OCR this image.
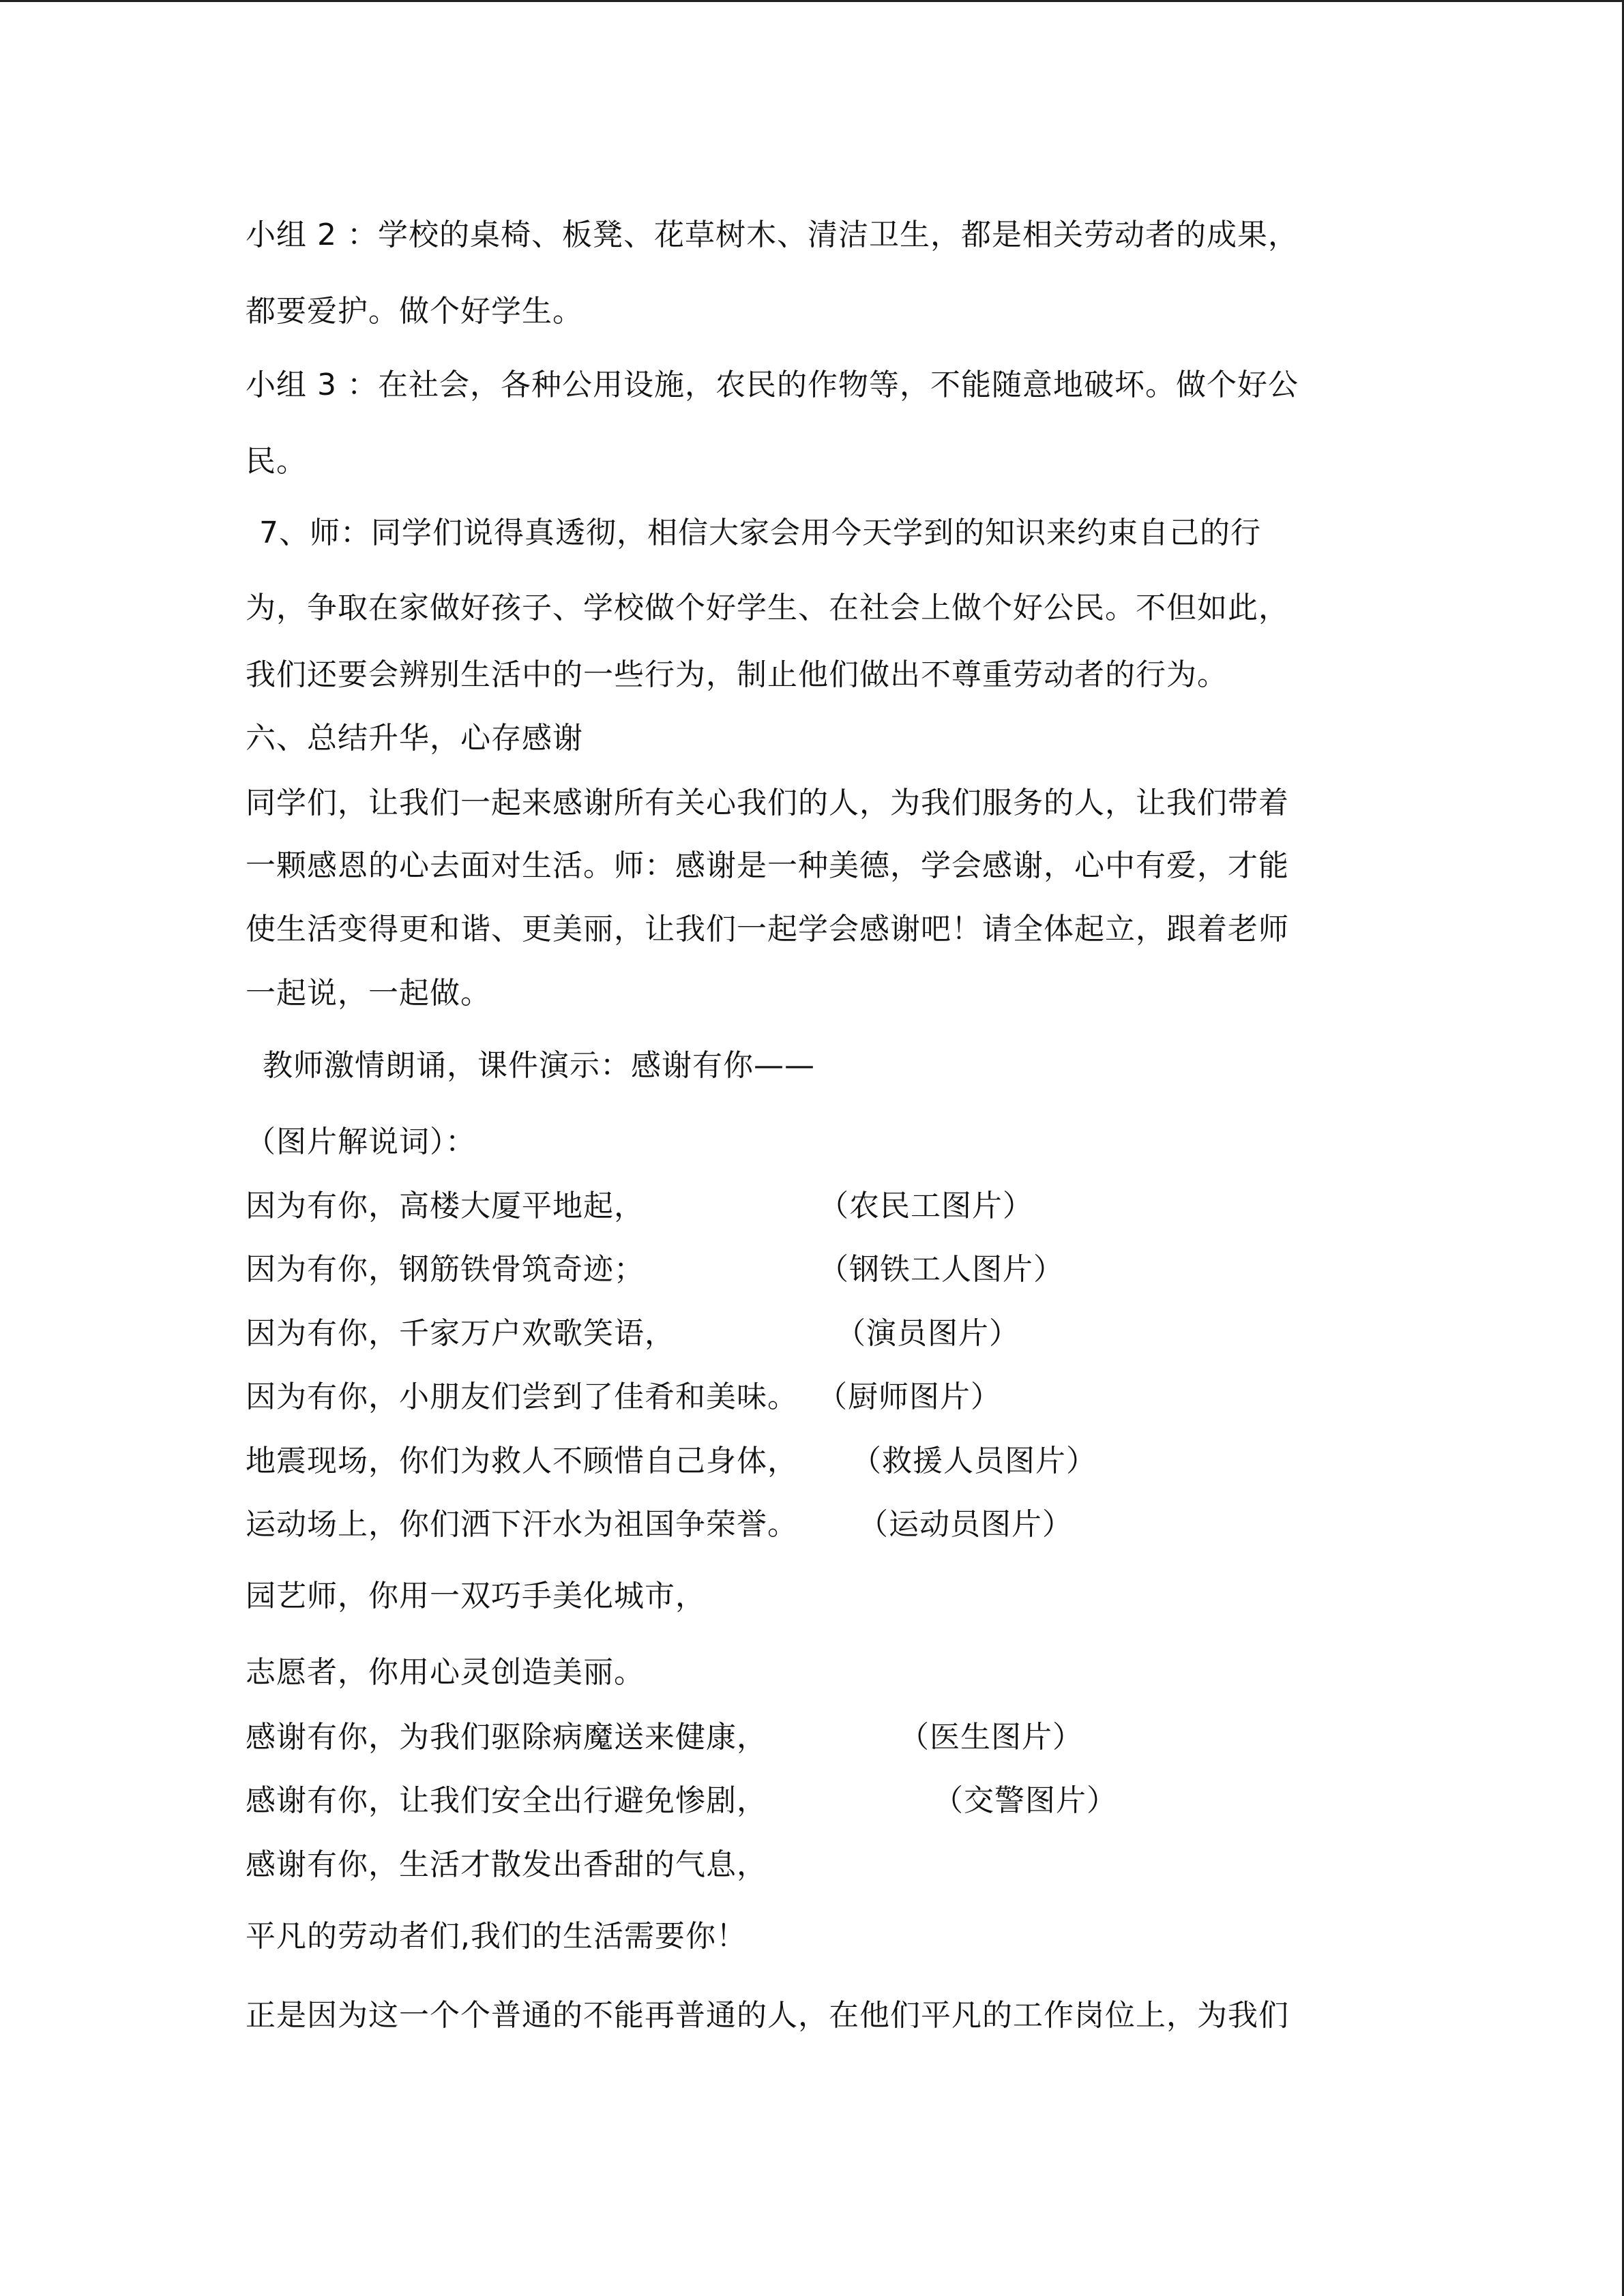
小组 2 ：学校的桌椅、板凳、花草树木、清洁卫生，都是相关劳动者的成果，
都要爱护。做个好学生。
小组 3 ：在社会，各种公用设施，农民的作物等，不能随意地破坏。做个好公
民。
7、师：同学们说得真透彻，相信大家会用今天学到的知识来约束自己的行
为，争取在家做好孩子、学校做个好学生、在社会上做个好公民。不但如此，
我们还要会辨别生活中的一些行为，制止他们做出不尊重劳动者的行为。
六、总结升华，心存感谢
同学们，让我们一起来感谢所有关心我们的人，为我们服务的人，让我们带着
一颗感恩的心去面对生活。师：感谢是一种美德，学会感谢，心中有爱，才能
使生活变得更和谐、更美丽，让我们一起学会感谢吧！请全体起立，跟着老师
一起说，一起做。
教师激情朗诵，课件演示：感谢有你——
（图片解说词）：
因为有你，高楼大厦平地起，
因为有你，钢筋铁骨筑奇迹；
因为有你，千家万户欢歌笑语，
因为有你，小朋友们尝到了佳肴和美味。
地震现场，你们为救人不顾惜自己身体，
运动场上，你们洒下汗水为祖国争荣誉。
园艺师，你用一双巧手美化城市，
志愿者，你用心灵创造美丽。
感谢有你，为我们驱除病魔送来健康，
感谢有你，让我们安全出行避免惨剧，
感谢有你，生活才散发出香甜的气息，
平凡的劳动者们,我们的生活需要你！
正是因为这一个个普通的不能再普通的人，在他们平凡的工作岗位上，为我们
（农民工图片）
（钢铁工人图片）
（演员图片）
（厨师图片）
（救援人员图片）
（运动员图片）
（医生图片）
（交警图片）
